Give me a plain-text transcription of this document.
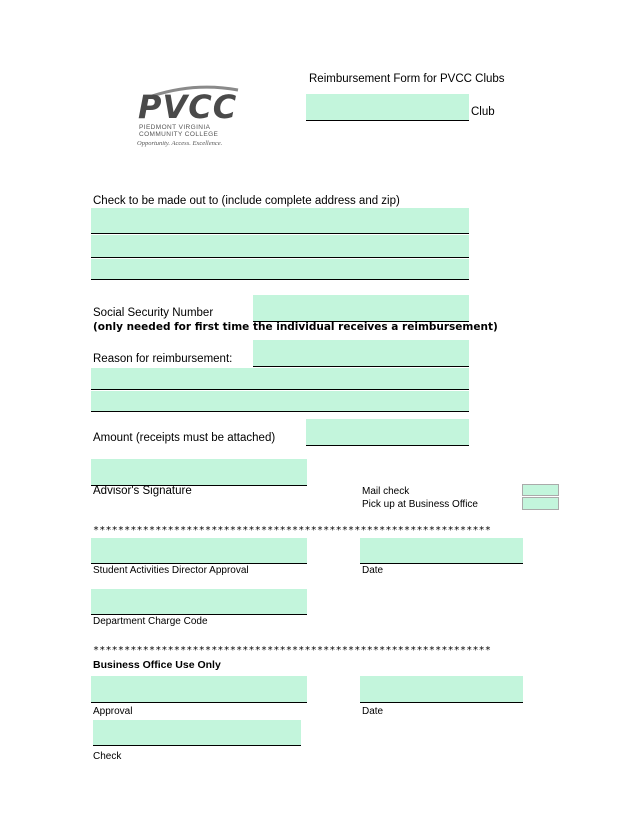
Reimbursement Form for PVCC Clubs
Club
PVCC
PIEDMONT VIRGINIA
COMMUNITY COLLEGE
Opportunity. Access. Excellence.
Check to be made out to (include complete address and zip)
Social Security Number
(only needed for first time the individual receives a reimbursement)
Reason for reimbursement:
Amount (receipts must be attached)
Advisor's Signature	Mail check
Pick up at Business Office
****************************************************************
Student Activities Director Approval	Date
Department Charge Code
****************************************************************
Business Office Use Only
Approval	Date
Check
